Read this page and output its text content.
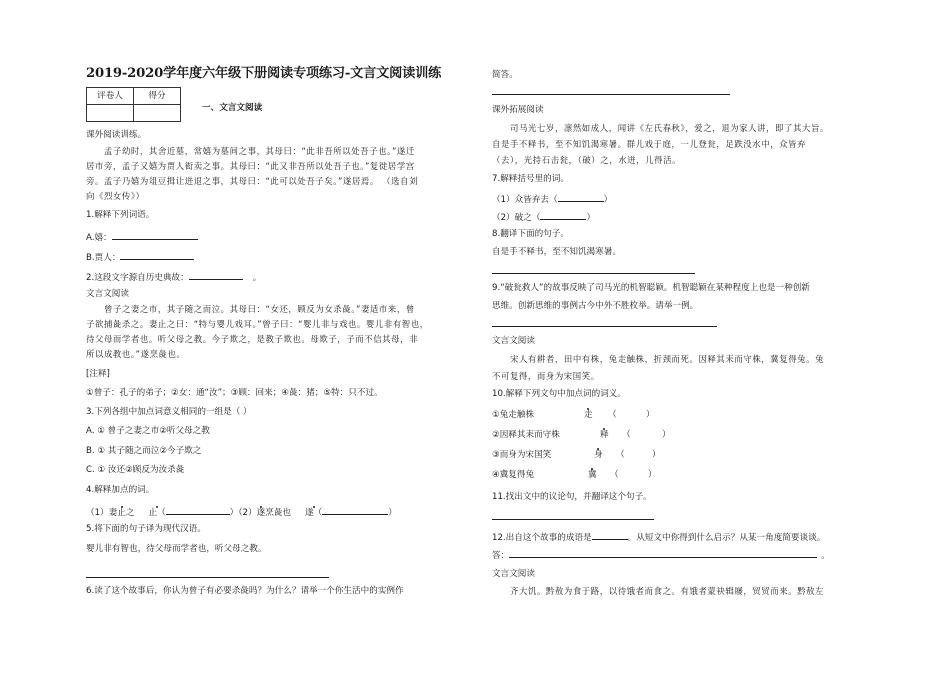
2019-2020学年度六年级下册阅读专项练习-文言文阅读训练
评卷人	得分

一、文言文阅读
课外阅读训练。
孟子幼时，其舍近墓，常嬉为墓间之事，其母曰：“此非吾所以处吾子也。”遂迁
居市旁，孟子又嬉为贾人衒卖之事。其母曰：“此又非吾所以处吾子也。”复徙居学宫
旁。孟子乃嬉为俎豆揖让进退之事，其母曰：“此可以处吾子矣。”遂居焉。 （选自刘
向《烈女传》）
1.解释下列词语。
A.嬉：
B.贾人：
2.这段文字源自历史典故：	。
文言文阅读
曾子之妻之市，其子随之而泣。其母曰：“女还，顾反为女杀彘。”妻适市来，曾
子欲捕彘杀之。妻止之曰：“特与婴儿戏耳。”曾子曰：“婴儿非与戏也。婴儿非有智也，
待父母而学者也。听父母之教。今子欺之，是教子欺也。母欺子，子而不信其母，非
所以成教也。”遂烹彘也。
[注释]
①曾子：孔子的弟子；②女：通“汝”；③顾：回来；④彘：猪；⑤特：只不过。
3.下列各组中加点词意义相同的一组是（ ）
A. ① 曾子之妻之市②听父母之教
B. ① 其子随之而泣②今子欺之
C. ① 汝还②顾反为汝杀彘
4.解释加点的词。
（1）妻止之 止（	）（2）遂烹彘也 遂（	）
5.将下面的句子译为现代汉语。
婴儿非有智也，待父母而学者也，听父母之教。
6.读了这个故事后，你认为曾子有必要杀彘吗？为什么？请举一个你生活中的实例作
简答。
课外拓展阅读
司马光七岁，凛然如成人，闻讲《左氏春秋》，爱之，退为家人讲，即了其大旨。
自是手不释书，至不知饥渴寒暑。群儿戏于庭，一儿登瓮，足跌没水中，众皆弃
（去），光持石击瓮，（破）之，水迸，儿得活。
7.解释括号里的词。
（1）众皆弃去（	）
（2）破之（	）
8.翻译下面的句子。
自是手不释书，至不知饥渴寒暑。
9.“破瓮救人”的故事反映了司马光的机智聪颖。机智聪颖在某种程度上也是一种创新
思维。创新思维的事例古今中外不胜枚举。请举一例。
文言文阅读
宋人有耕者，田中有株，兔走触株，折颈而死。因释其耒而守株，冀复得兔。兔
不可复得，而身为宋国笑。
10.解释下列文句中加点词的词义。
①兔走触株	走 （	）
②因释其耒而守株	释 （	）
③而身为宋国笑	身 （	）
④冀复得兔	冀 （	）
11.找出文中的议论句，并翻译这个句子。
12.出自这个故事的成语是	。从短文中你得到什么启示？从某一角度简要谈谈。
答：	。
文言文阅读
齐大饥。黔敖为食于路，以待饿者而食之。有饿者蒙袂辑屦，贸贸而来。黔敖左
